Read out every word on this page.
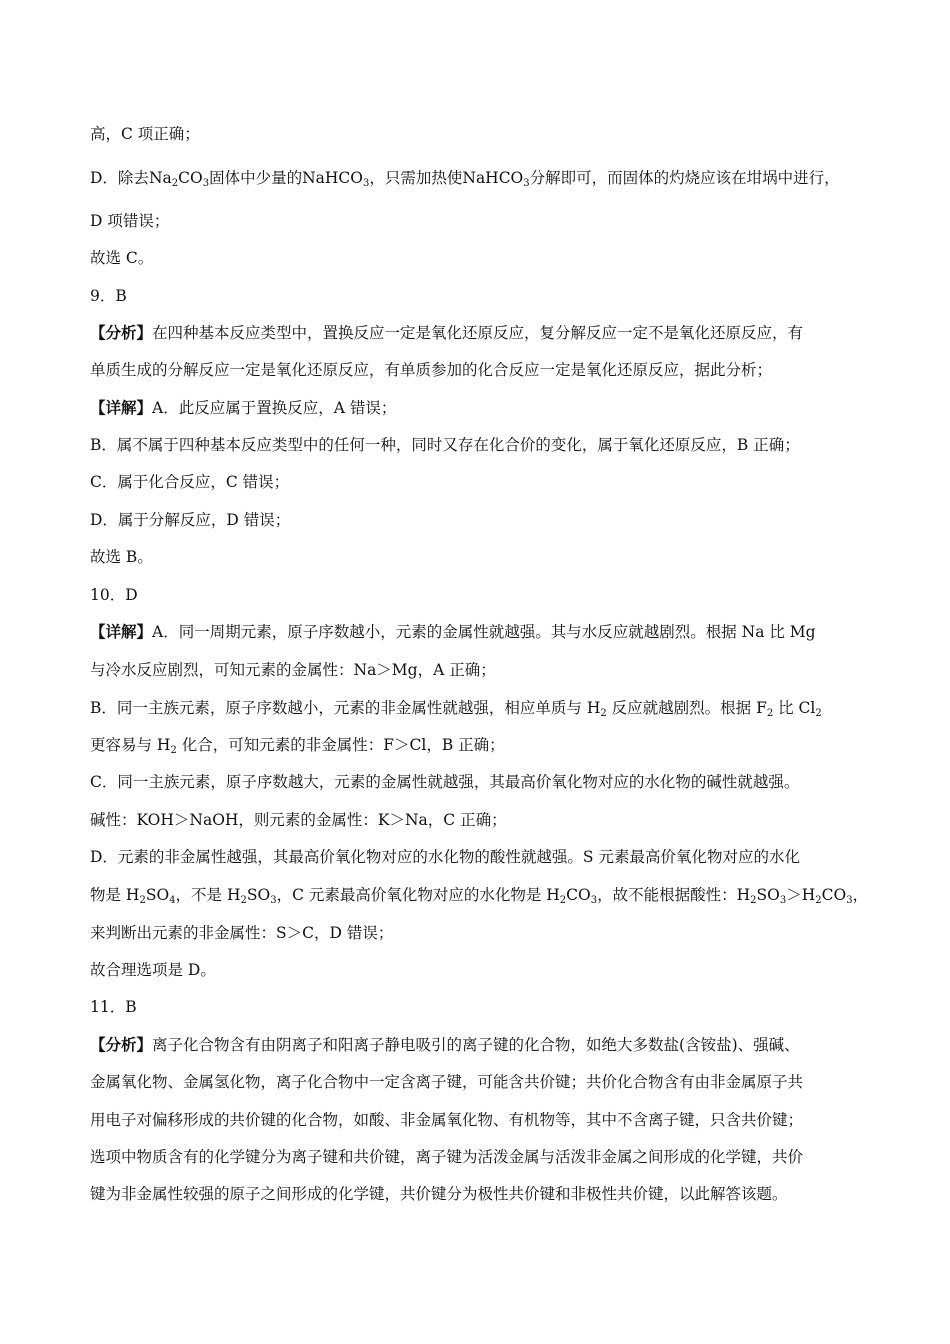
高，C 项正确；
D．除去$Na_2CO_3$固体中少量的NaHCO$_3$，只需加热使NaHCO$_3$分解即可，而固体的灼烧应该在坩埚中进行，
D 项错误；
故选 C。
9．B
【分析】在四种基本反应类型中，置换反应一定是氧化还原反应，复分解反应一定不是氧化还原反应，有
单质生成的分解反应一定是氧化还原反应，有单质参加的化合反应一定是氧化还原反应，据此分析；
【详解】A．此反应属于置换反应，A 错误；
B．属不属于四种基本反应类型中的任何一种，同时又存在化合价的变化，属于氧化还原反应，B 正确；
C．属于化合反应，C 错误；
D．属于分解反应，D 错误；
故选 B。
10．D
【详解】A．同一周期元素，原子序数越小，元素的金属性就越强。其与水反应就越剧烈。根据 Na 比 Mg
与冷水反应剧烈，可知元素的金属性：Na＞Mg，A 正确；
B．同一主族元素，原子序数越小，元素的非金属性就越强，相应单质与 $H_2$ 反应就越剧烈。根据 $F_2$ 比 $Cl_2$
更容易与 $H_2$ 化合，可知元素的非金属性：F＞Cl，B 正确；
C．同一主族元素，原子序数越大，元素的金属性就越强，其最高价氧化物对应的水化物的碱性就越强。
碱性：KOH＞NaOH，则元素的金属性：K＞Na，C 正确；
D．元素的非金属性越强，其最高价氧化物对应的水化物的酸性就越强。S 元素最高价氧化物对应的水化
物是 $H_2SO_4$，不是 $H_2SO_3$，C 元素最高价氧化物对应的水化物是 $H_2CO_3$，故不能根据酸性：$H_2SO_3>H_2CO_3$，
来判断出元素的非金属性：S＞C，D 错误；
故合理选项是 D。
11．B
【分析】离子化合物含有由阴离子和阳离子静电吸引的离子键的化合物，如绝大多数盐(含铵盐)、强碱、
金属氧化物、金属氢化物，离子化合物中一定含离子键，可能含共价键；共价化合物含有由非金属原子共
用电子对偏移形成的共价键的化合物，如酸、非金属氧化物、有机物等，其中不含离子键，只含共价键；
选项中物质含有的化学键分为离子键和共价键，离子键为活泼金属与活泼非金属之间形成的化学键，共价
键为非金属性较强的原子之间形成的化学键，共价键分为极性共价键和非极性共价键，以此解答该题。
